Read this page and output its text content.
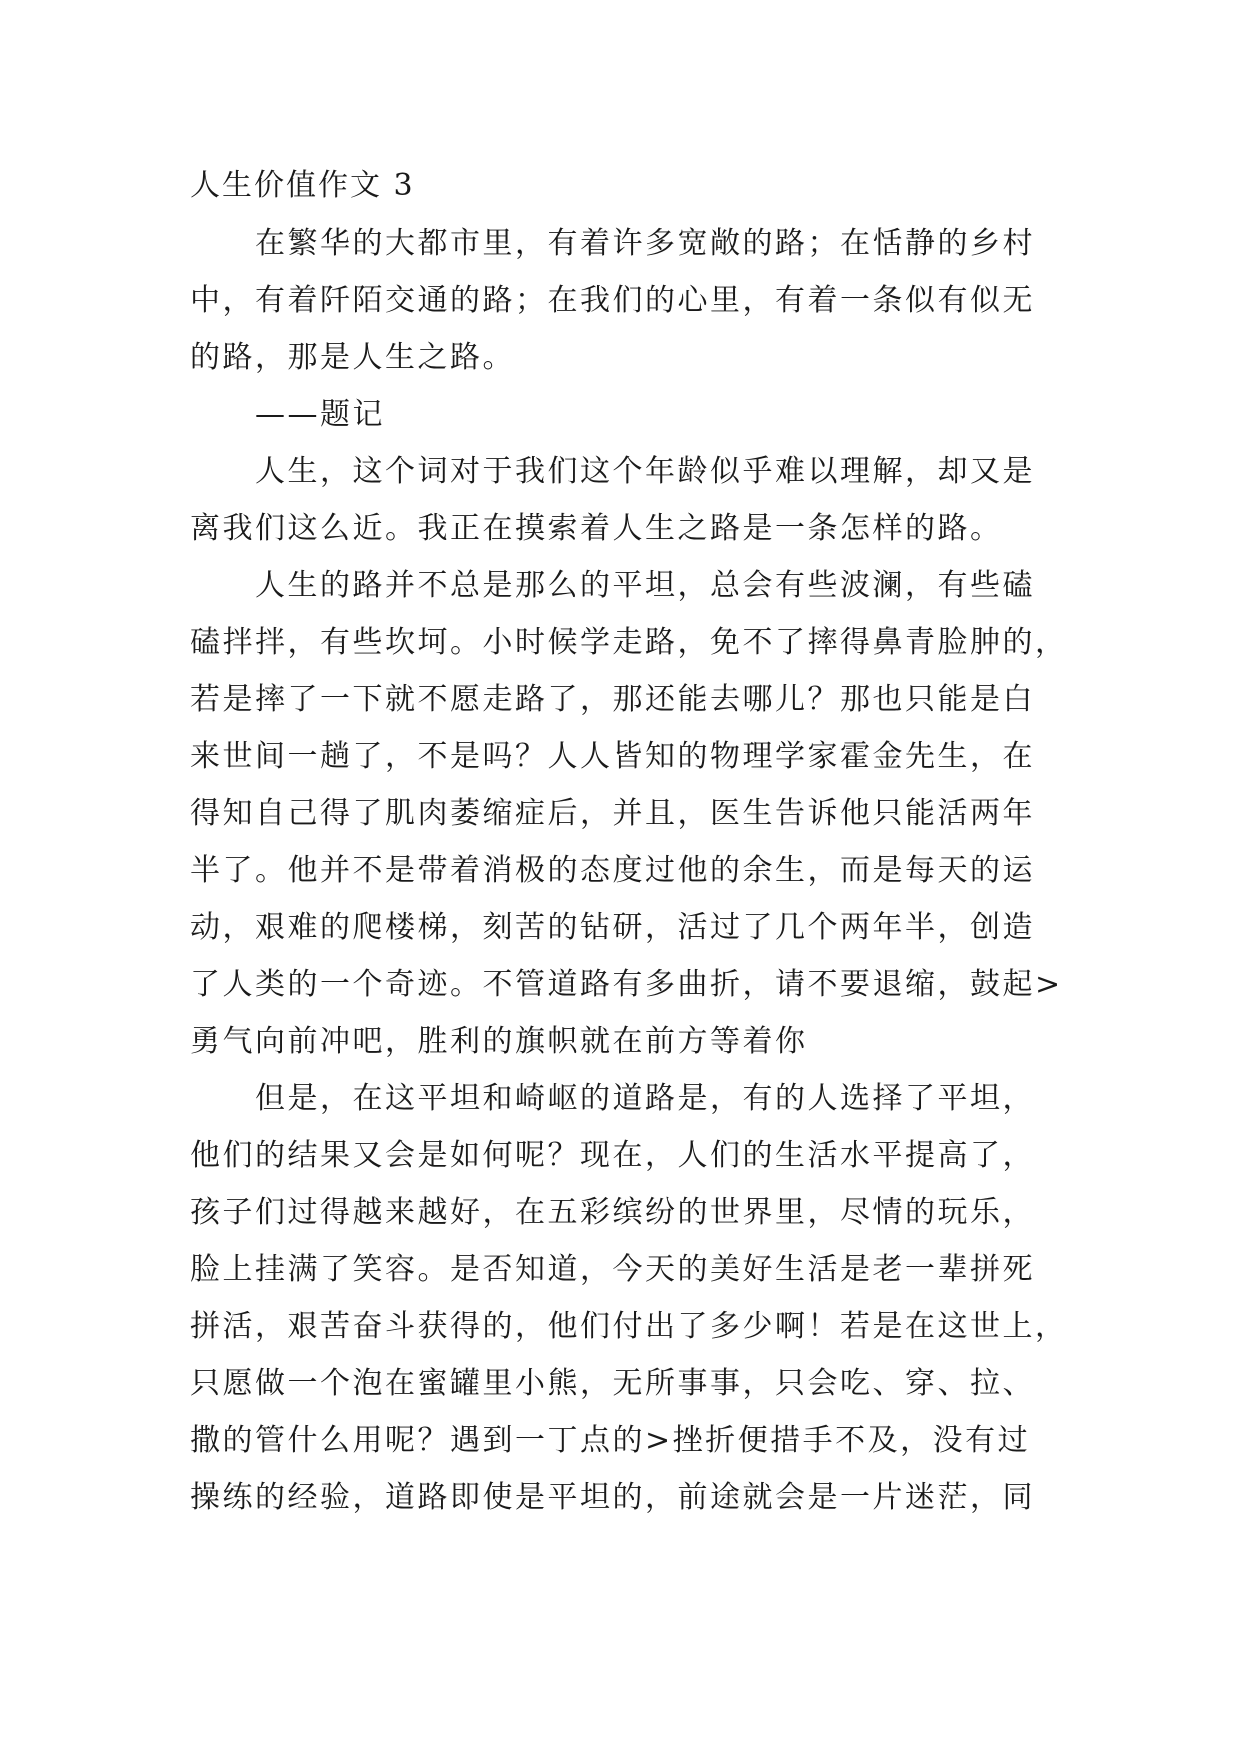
人生价值作文 3
在繁华的大都市里，有着许多宽敞的路；在恬静的乡村
中，有着阡陌交通的路；在我们的心里，有着一条似有似无
的路，那是人生之路。
——题记
人生，这个词对于我们这个年龄似乎难以理解，却又是
离我们这么近。我正在摸索着人生之路是一条怎样的路。
人生的路并不总是那么的平坦，总会有些波澜，有些磕
磕拌拌，有些坎坷。小时候学走路，免不了摔得鼻青脸肿的，
若是摔了一下就不愿走路了，那还能去哪儿？那也只能是白
来世间一趟了，不是吗？人人皆知的物理学家霍金先生，在
得知自己得了肌肉萎缩症后，并且，医生告诉他只能活两年
半了。他并不是带着消极的态度过他的余生，而是每天的运
动，艰难的爬楼梯，刻苦的钻研，活过了几个两年半，创造
了人类的一个奇迹。不管道路有多曲折，请不要退缩，鼓起>
勇气向前冲吧，胜利的旗帜就在前方等着你
但是，在这平坦和崎岖的道路是，有的人选择了平坦，
他们的结果又会是如何呢？现在，人们的生活水平提高了，
孩子们过得越来越好，在五彩缤纷的世界里，尽情的玩乐，
脸上挂满了笑容。是否知道，今天的美好生活是老一辈拼死
拼活，艰苦奋斗获得的，他们付出了多少啊！若是在这世上，
只愿做一个泡在蜜罐里小熊，无所事事，只会吃、穿、拉、
撒的管什么用呢？遇到一丁点的>挫折便措手不及，没有过
操练的经验，道路即使是平坦的，前途就会是一片迷茫，同
